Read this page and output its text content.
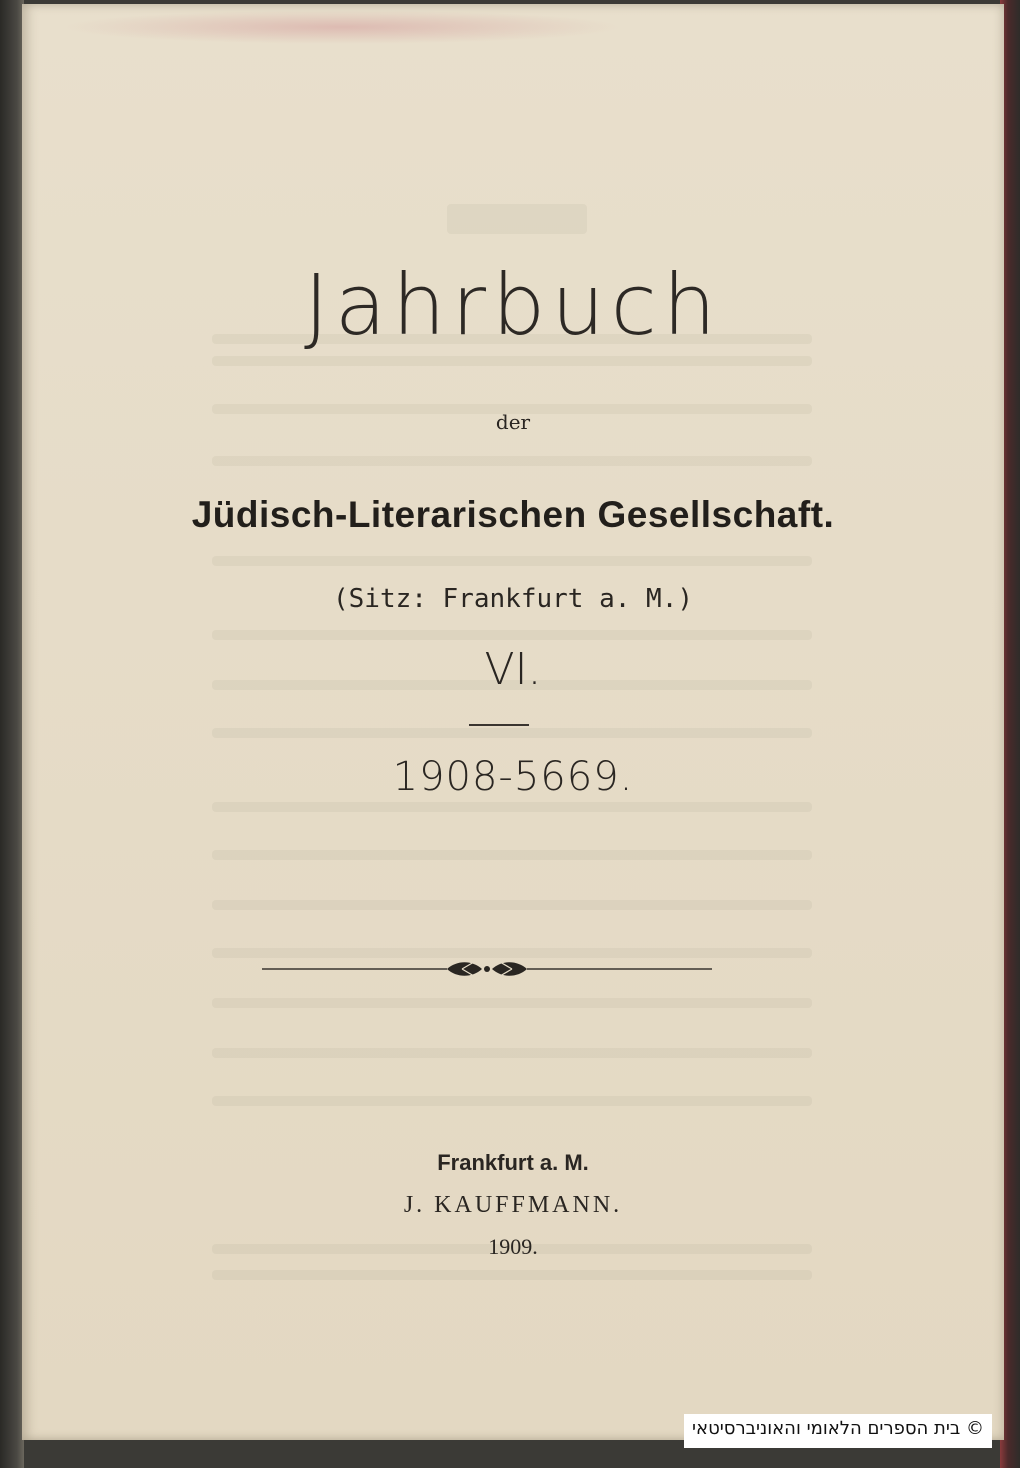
Jahrbuch
der
Jüdisch-Literarischen Gesellschaft.
(Sitz: Frankfurt a. M.)
VI.
1908-5669.
Frankfurt a. M.
J. KAUFFMANN.
1909.
© בית הספרים הלאומי והאוניברסיטאי
